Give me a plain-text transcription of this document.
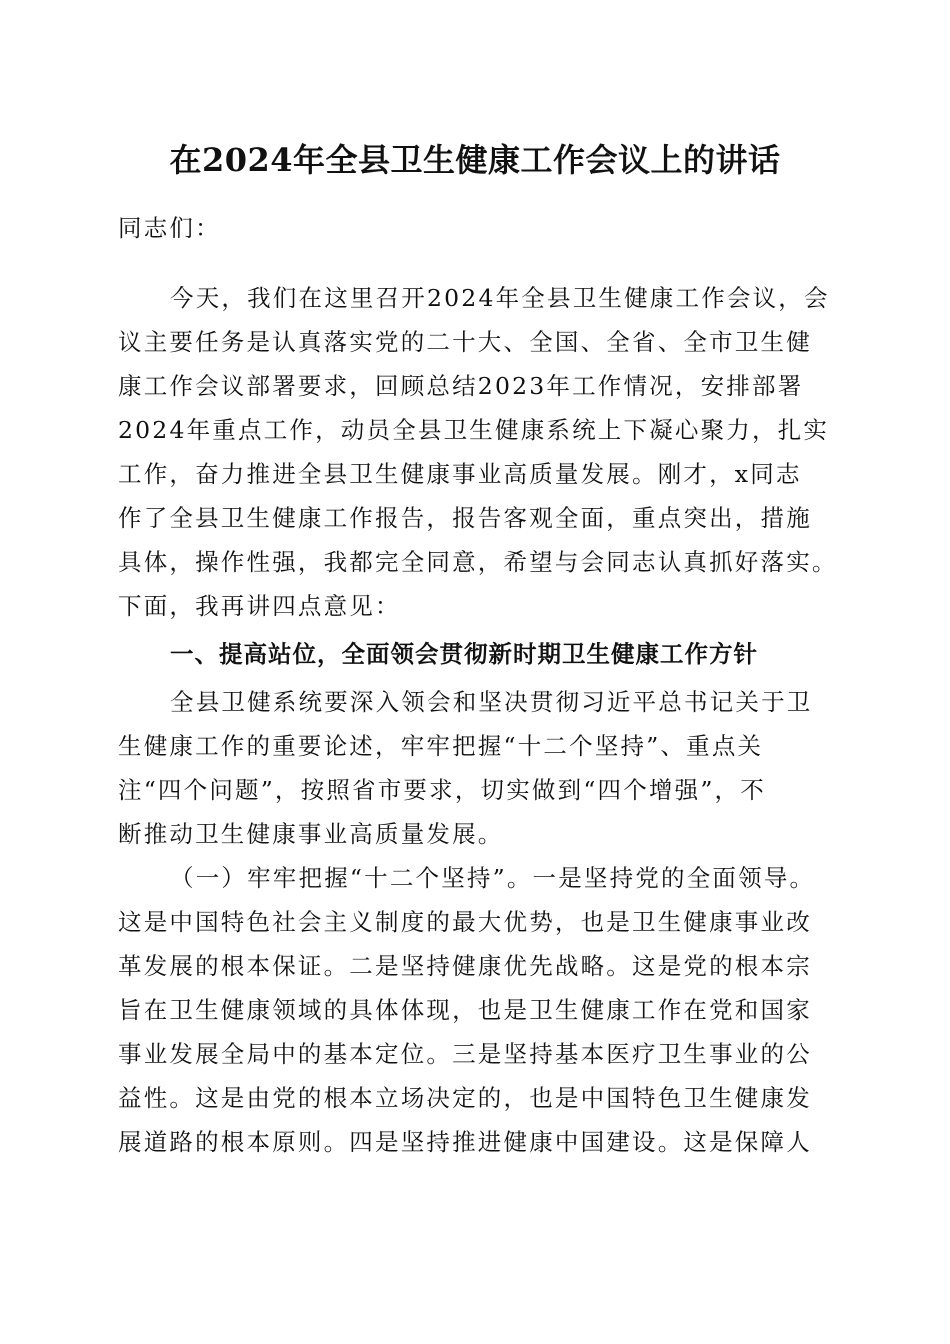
在2024年全县卫生健康工作会议上的讲话
同志们：
今天，我们在这里召开2024年全县卫生健康工作会议，会
议主要任务是认真落实党的二十大、全国、全省、全市卫生健
康工作会议部署要求，回顾总结2023年工作情况，安排部署
2024年重点工作，动员全县卫生健康系统上下凝心聚力，扎实
工作，奋力推进全县卫生健康事业高质量发展。刚才，x同志
作了全县卫生健康工作报告，报告客观全面，重点突出，措施
具体，操作性强，我都完全同意，希望与会同志认真抓好落实。
下面，我再讲四点意见：
一、提高站位，全面领会贯彻新时期卫生健康工作方针
全县卫健系统要深入领会和坚决贯彻习近平总书记关于卫
生健康工作的重要论述，牢牢把握“十二个坚持”、重点关
注“四个问题”，按照省市要求，切实做到“四个增强”，不
断推动卫生健康事业高质量发展。
（一）牢牢把握“十二个坚持”。一是坚持党的全面领导。
这是中国特色社会主义制度的最大优势，也是卫生健康事业改
革发展的根本保证。二是坚持健康优先战略。这是党的根本宗
旨在卫生健康领域的具体体现，也是卫生健康工作在党和国家
事业发展全局中的基本定位。三是坚持基本医疗卫生事业的公
益性。这是由党的根本立场决定的，也是中国特色卫生健康发
展道路的根本原则。四是坚持推进健康中国建设。这是保障人
